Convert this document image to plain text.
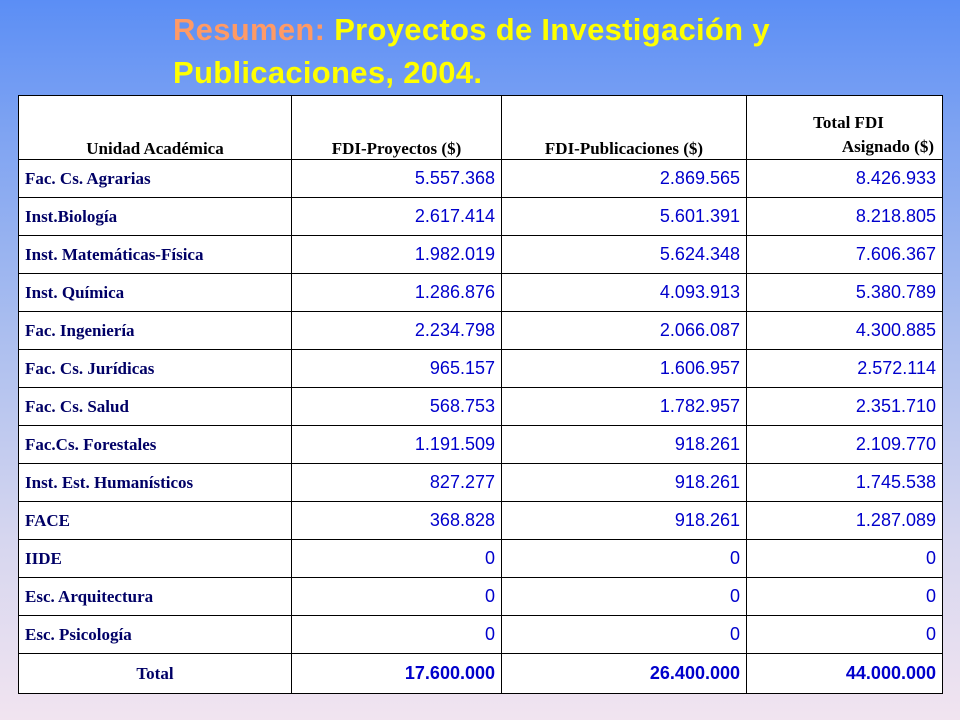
Resumen: Proyectos de Investigación y Publicaciones, 2004.
Unidad Académica	FDI-Proyectos ($)	FDI-Publicaciones ($)	Total FDI
Asignado ($)

Fac. Cs. Agrarias	5.557.368	2.869.565	8.426.933
Inst.Biología	2.617.414	5.601.391	8.218.805
Inst. Matemáticas-Física	1.982.019	5.624.348	7.606.367
Inst. Química	1.286.876	4.093.913	5.380.789
Fac. Ingeniería	2.234.798	2.066.087	4.300.885
Fac. Cs. Jurídicas	965.157	1.606.957	2.572.114
Fac. Cs. Salud	568.753	1.782.957	2.351.710
Fac.Cs. Forestales	1.191.509	918.261	2.109.770
Inst. Est. Humanísticos	827.277	918.261	1.745.538
FACE	368.828	918.261	1.287.089
IIDE	0	0	0
Esc. Arquitectura	0	0	0
Esc. Psicología	0	0	0
Total	17.600.000	26.400.000	44.000.000
